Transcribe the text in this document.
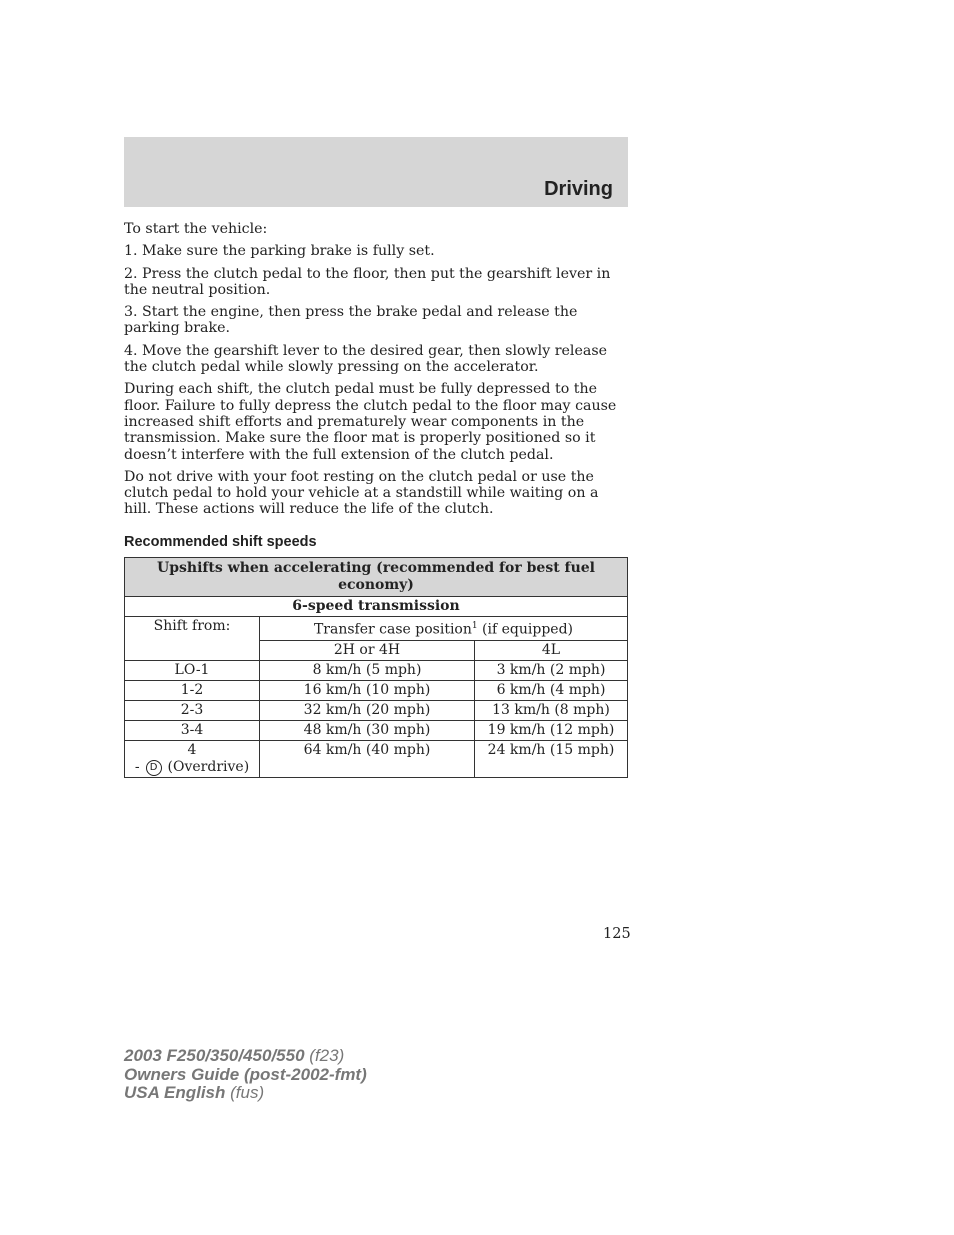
Driving

To start the vehicle:

1. Make sure the parking brake is fully set.

2. Press the clutch pedal to the floor, then put the gearshift lever in the neutral position.

3. Start the engine, then press the brake pedal and release the parking brake.

4. Move the gearshift lever to the desired gear, then slowly release the clutch pedal while slowly pressing on the accelerator.

During each shift, the clutch pedal must be fully depressed to the floor. Failure to fully depress the clutch pedal to the floor may cause increased shift efforts and prematurely wear components in the transmission. Make sure the floor mat is properly positioned so it doesn’t interfere with the full extension of the clutch pedal.

Do not drive with your foot resting on the clutch pedal or use the clutch pedal to hold your vehicle at a standstill while waiting on a hill. These actions will reduce the life of the clutch.

Recommended shift speeds
Upshifts when accelerating (recommended for best fuel economy)		
6-speed transmission		
Shift from:	Transfer case position$^1$ (if equipped)	
	2H or 4H	4L
LO-1	8 km/h (5 mph)	3 km/h (2 mph)
1-2	16 km/h (10 mph)	6 km/h (4 mph)
2-3	32 km/h (20 mph)	13 km/h (8 mph)
3-4	48 km/h (30 mph)	19 km/h (12 mph)

4
- D (Overdrive)	64 km/h (40 mph)	24 km/h (15 mph)
125
2003 F250/350/450/550 (f23)
Owners Guide (post-2002-fmt)
USA English (fus)
